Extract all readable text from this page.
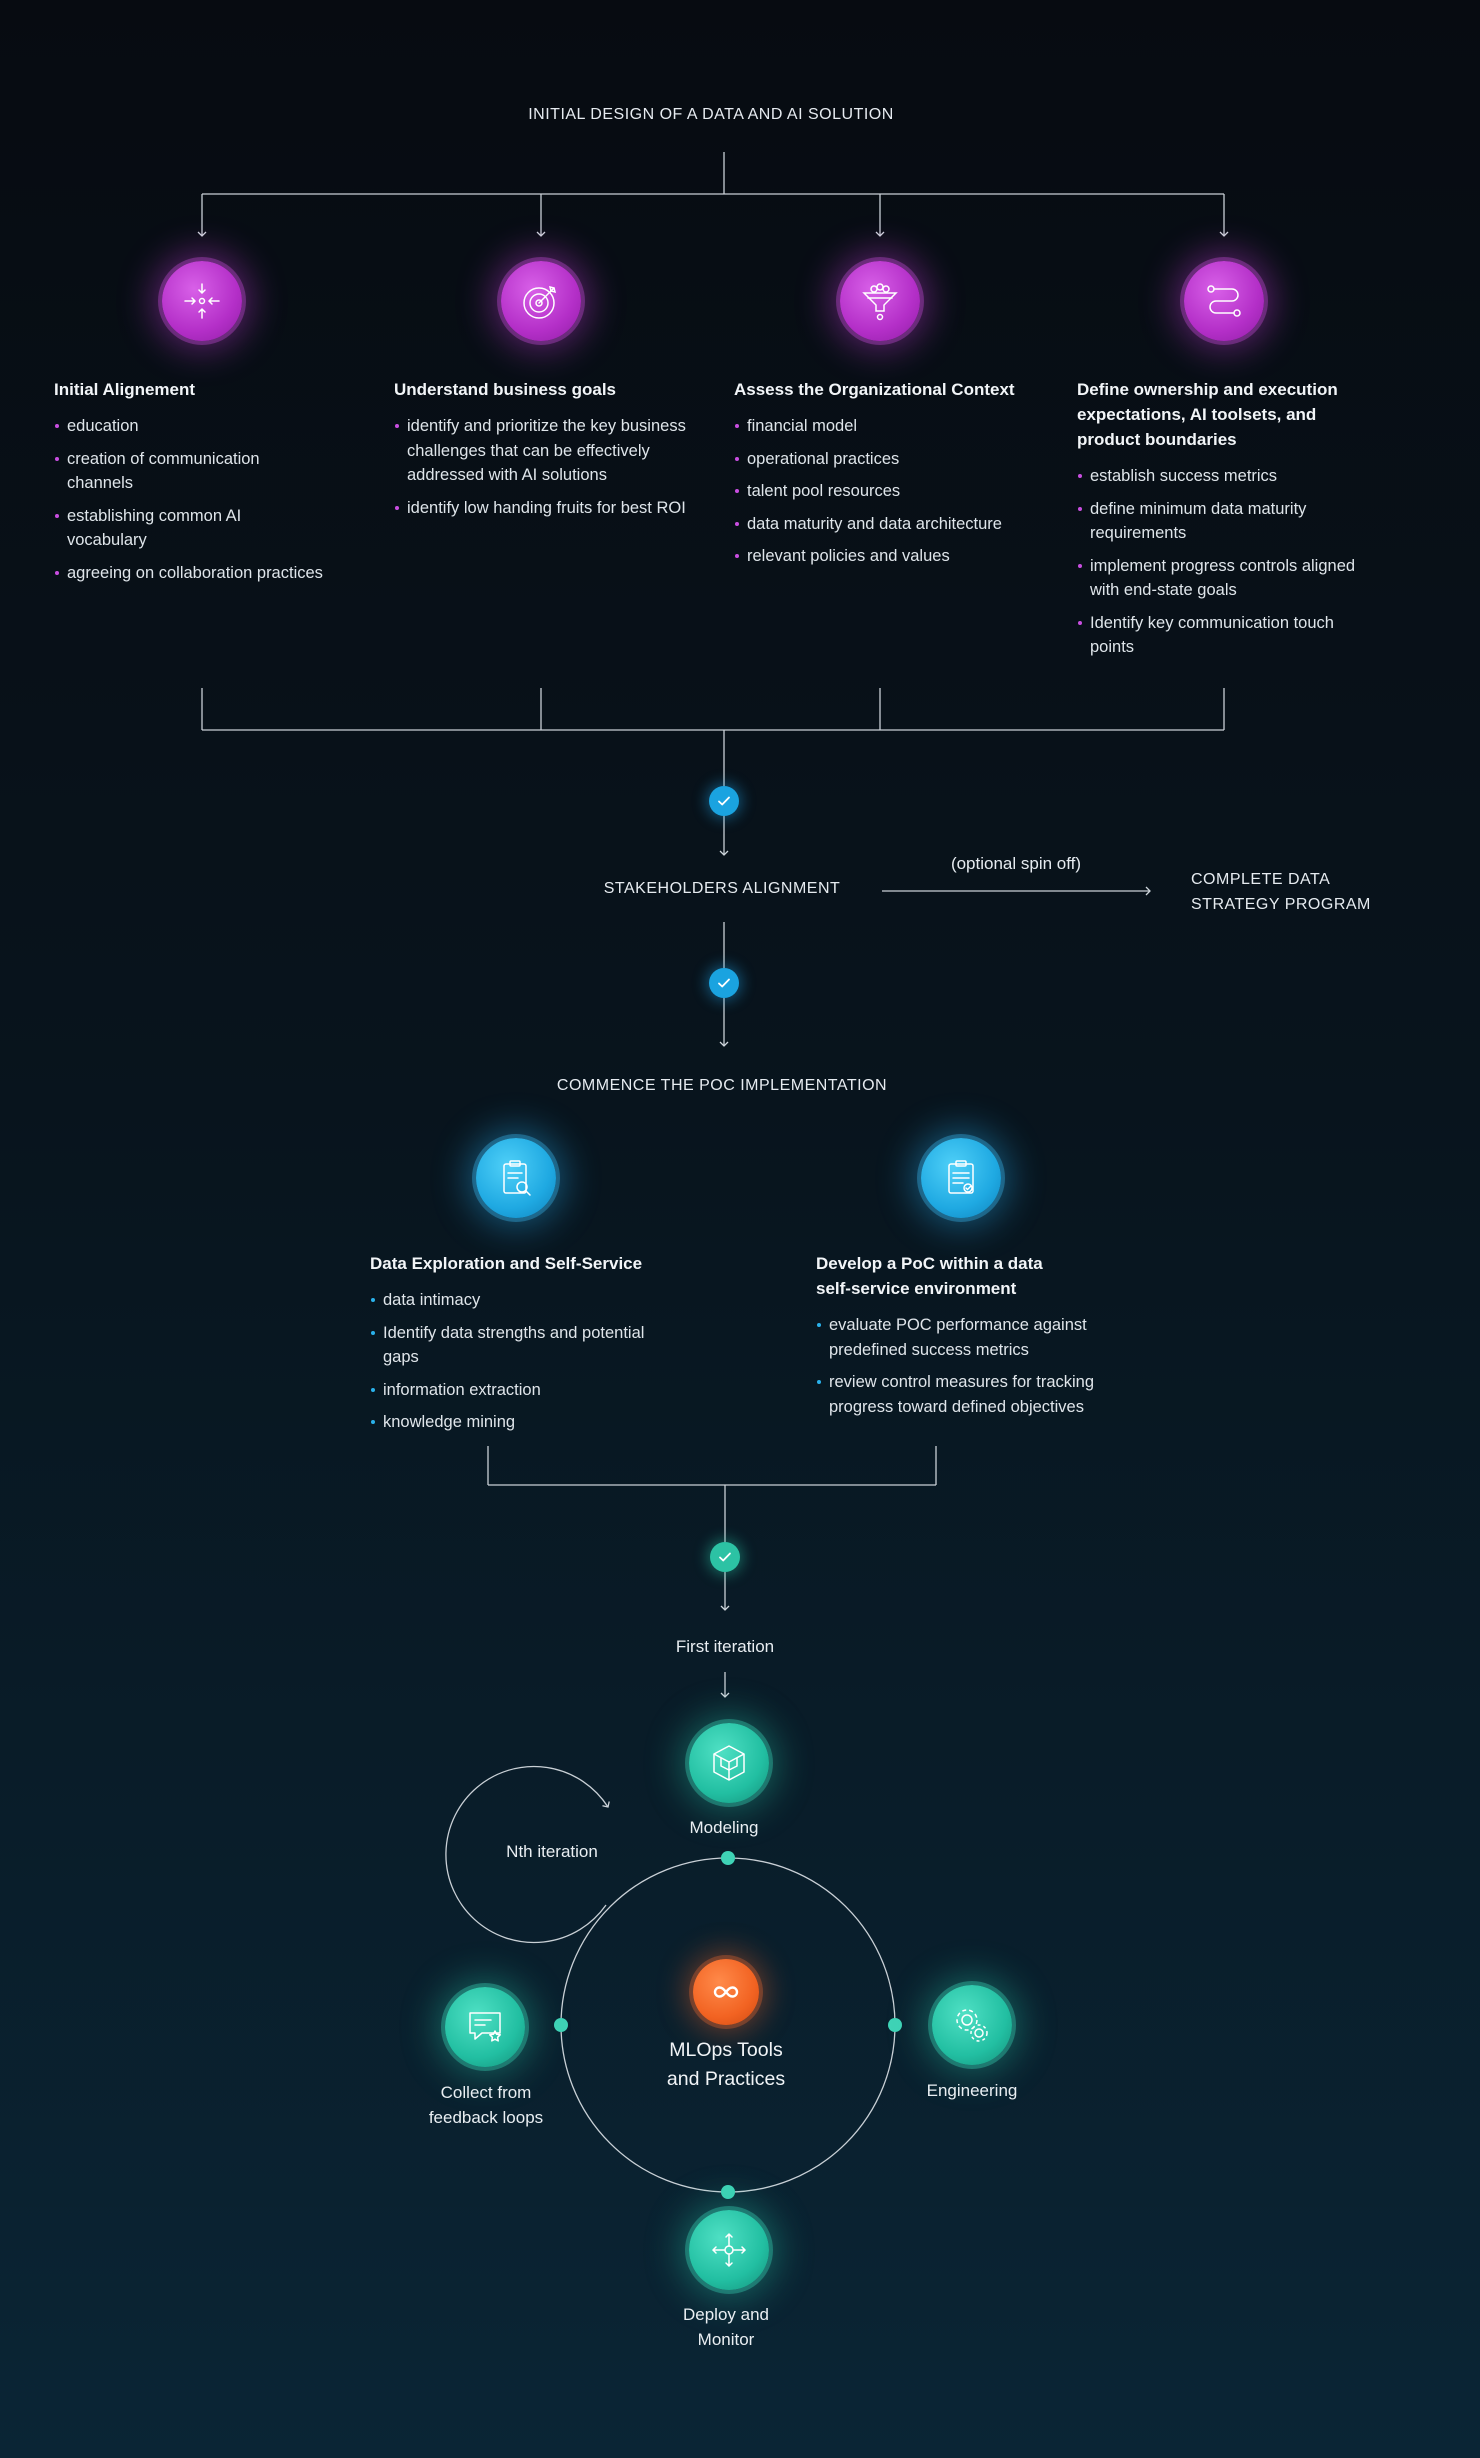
INITIAL DESIGN OF A DATA AND AI SOLUTION
Initial Alignement
education
creation of communication channels
establishing common AI vocabulary
agreeing on collaboration practices
Understand business goals
identify and prioritize the key business challenges that can be effectively addressed with AI solutions
identify low handing fruits for best ROI
Assess the Organizational Context
financial model
operational practices
talent pool resources
data maturity and data architecture
relevant policies and values
Define ownership and execution expectations, AI toolsets, and product boundaries
establish success metrics
define minimum data maturity requirements
implement progress controls aligned with end-state goals
Identify key communication touch points
STAKEHOLDERS ALIGNMENT
(optional spin off)
COMPLETE DATA STRATEGY PROGRAM
COMMENCE THE POC IMPLEMENTATION
Data Exploration and Self-Service
data intimacy
Identify data strengths and potential gaps
information extraction
knowledge mining
Develop a PoC within a data self-service environment
evaluate POC performance against predefined success metrics
review control measures for tracking progress toward defined objectives
First iteration
Nth iteration
Modeling
Engineering
Deploy and Monitor
Collect from feedback loops
MLOps Tools and Practices
